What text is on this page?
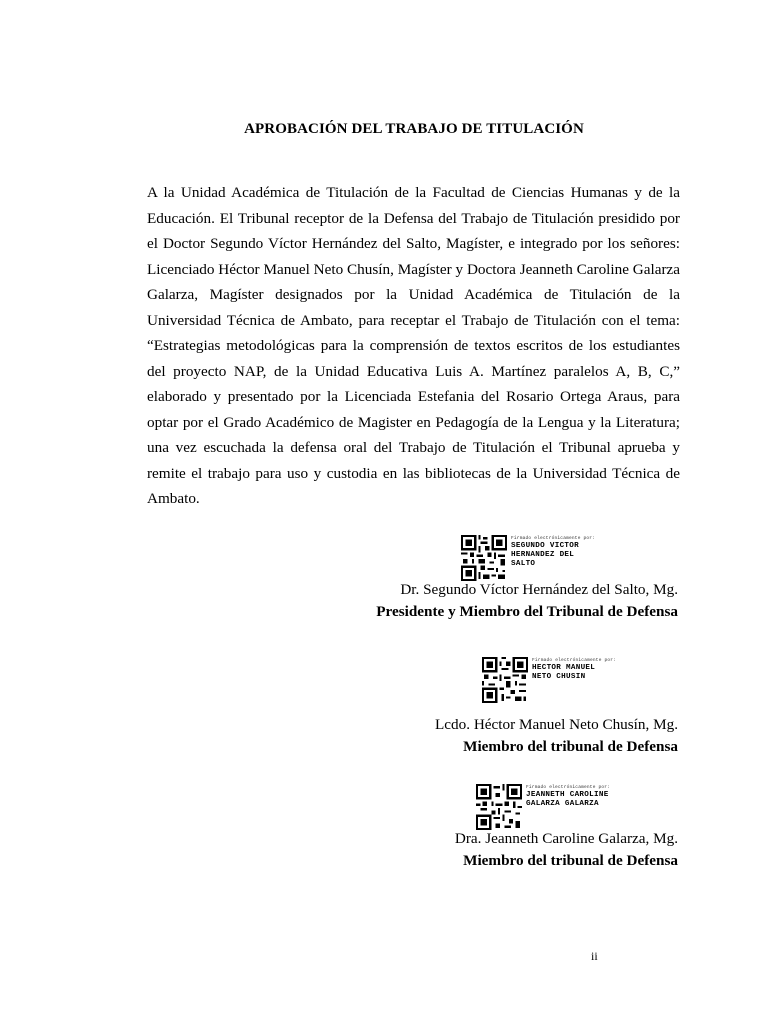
APROBACIÓN DEL TRABAJO DE TITULACIÓN
A la Unidad Académica de Titulación de la Facultad de Ciencias Humanas y de la Educación. El Tribunal receptor de la Defensa del Trabajo de Titulación presidido por el Doctor Segundo Víctor Hernández del Salto, Magíster, e integrado por los señores: Licenciado Héctor Manuel Neto Chusín, Magíster y Doctora Jeanneth Caroline Galarza Galarza, Magíster designados por la Unidad Académica de Titulación de la Universidad Técnica de Ambato, para receptar el Trabajo de Titulación con el tema: “Estrategias metodológicas para la comprensión de textos escritos de los estudiantes del proyecto NAP, de la Unidad Educativa Luis A. Martínez paralelos A, B, C,” elaborado y presentado por la Licenciada Estefania del Rosario Ortega Araus, para optar por el Grado Académico de Magister en Pedagogía de la Lengua y la Literatura; una vez escuchada la defensa oral del Trabajo de Titulación el Tribunal aprueba y remite el trabajo para uso y custodia en las bibliotecas de la Universidad Técnica de Ambato.
Firmado electrónicamente por:
SEGUNDO VICTOR
HERNANDEZ DEL
SALTO
Dr. Segundo Víctor Hernández del Salto, Mg.
Presidente y Miembro del Tribunal de Defensa
Firmado electrónicamente por:
HECTOR MANUEL
NETO CHUSIN
Lcdo. Héctor Manuel Neto Chusín, Mg.
Miembro del tribunal de Defensa
Firmado electrónicamente por:
JEANNETH CAROLINE
GALARZA GALARZA
Dra. Jeanneth Caroline Galarza, Mg.
Miembro del tribunal de Defensa
ii
